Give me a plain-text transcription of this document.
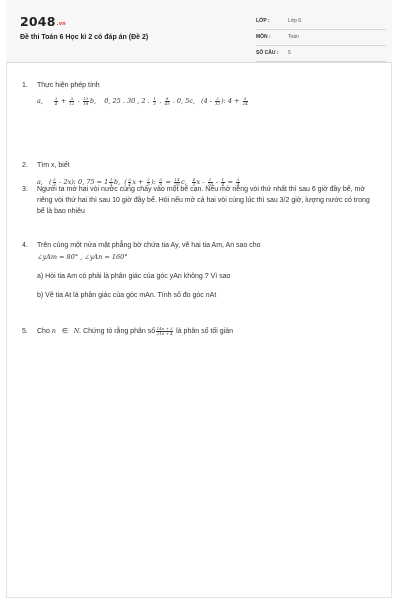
2048.vn
Đề thi Toán 6 Học kì 2 có đáp án (Đề 2)
LỚP :	Lớp 6
MÔN :	Toán
SỐ CÂU : 5
1. Thực hiện phép tính
a,	$\frac{3}{4} + \frac{5}{12} - \frac{13}{18} b$,    0, 25 . 30 , 2 . $\frac{1}{3}$ . $\frac{8}{45}$ . 0, 5c, ($4 - \frac{3}{12}$ ): $4 + \frac{5}{24}$
2. Tìm x, biết
a,   ( $\frac{5}{3} - 2x$): 0, $75 = 1 \frac{1}{3} b$,  ( $\frac{3}{4}$ $x + \frac{2}{5}$ ): $\frac{3}{5} = \frac{14}{25} c$, $\frac{4}{5}$ $x - \frac{1}{20} - \frac{1}{4} = \frac{3}{4}$
3. Người ta mở hai vòi nước cùng chảy vào một bể cạn. Nếu mở riêng vòi thứ nhất thì sau 6 giờ đầy bể, mở riêng vòi thứ hai thì sau 10 giờ đầy bể. Hỏi nếu mở cả hai vòi cùng lúc thì sau 3/2 giờ, lượng nước có trong bể là bao nhiêu
4. Trên cùng một nửa mặt phẳng bờ chứa tia Ay, vẽ hai tia Am, An sao cho
∠yAm = 80° , ∠yAn = 160°
a) Hỏi tia Am có phải là phân giác của góc yAn không ? Vì sao
b) Vẽ tia At là phân giác của góc mAn. Tính số đo góc nAt
5. Cho n ∈ N. Chứng tỏ rằng phân số $\frac{14n + 3}{21n + 4}$ là phân số tối giản
